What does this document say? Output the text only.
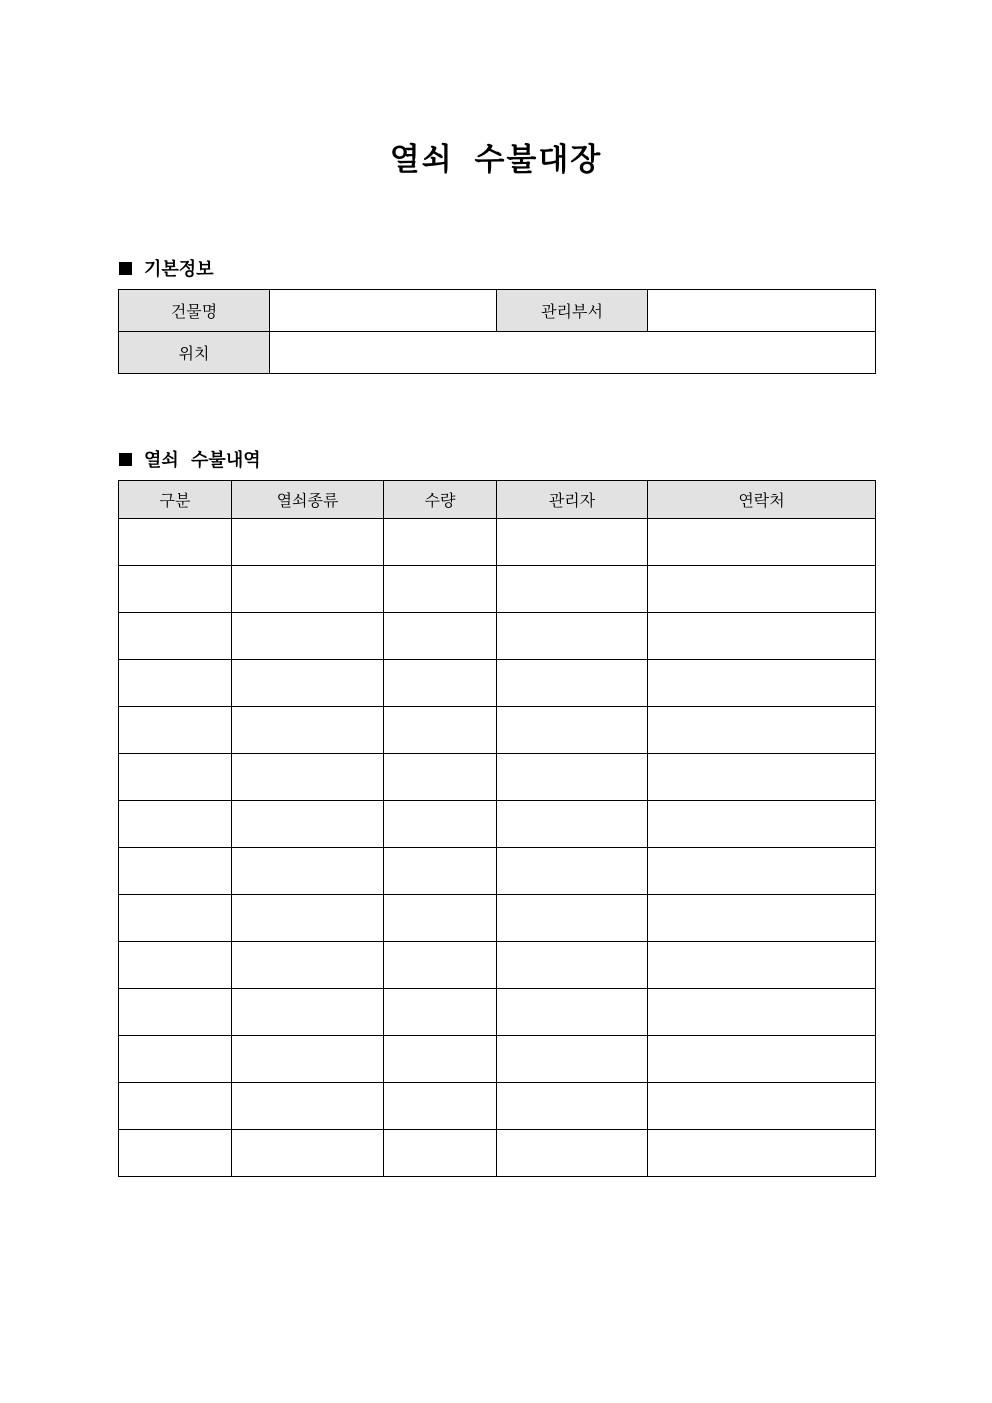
열쇠 수불대장
기본정보
건물명		관리부서	
위치			
열쇠 수불내역
구분	열쇠종류	수량	관리자	연락처
